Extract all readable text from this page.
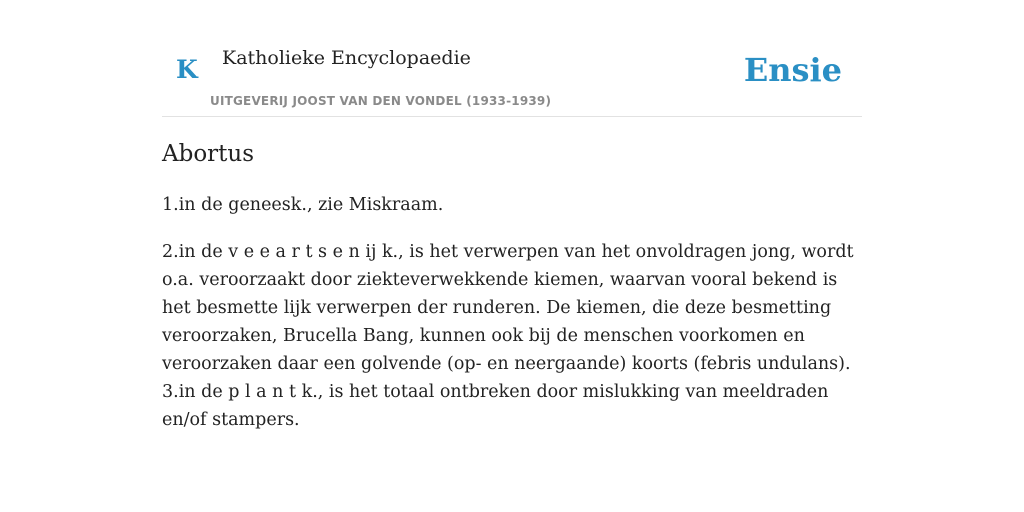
K Katholieke Encyclopaedie
UITGEVERIJ JOOST VAN DEN VONDEL (1933-1939)
Ensie
Abortus

1.in de geneesk., zie Miskraam.

2.in de v e e a r t s e n ij k., is het verwerpen van het onvoldragen jong, wordt o.a. veroorzaakt door ziekteverwekkende kiemen, waarvan vooral bekend is het besmette lijk verwerpen der runderen. De kiemen, die deze besmetting veroorzaken, Brucella Bang, kunnen ook bij de menschen voorkomen en veroorzaken daar een golvende (op- en neergaande) koorts (febris undulans).

3.in de p l a n t k., is het totaal ontbreken door mislukking van meeldraden en/of stampers.
